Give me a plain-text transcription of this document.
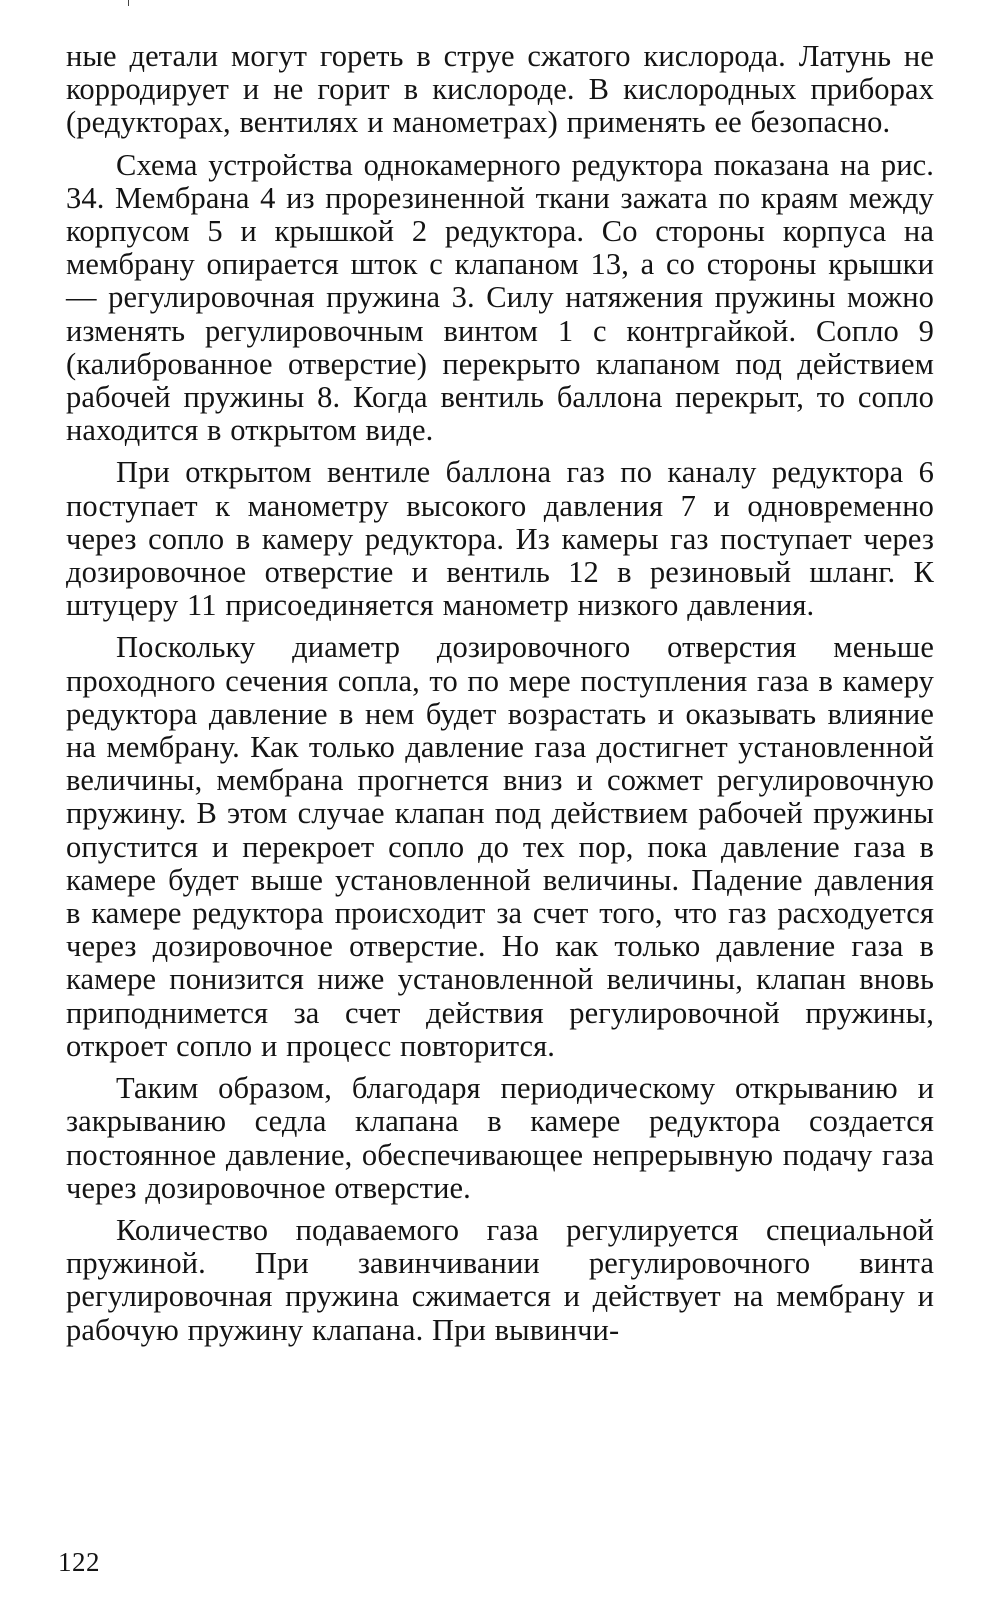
ные детали могут гореть в струе сжатого кислорода. Латунь не корродирует и не горит в кислороде. В кислородных приборах (редукторах, вентилях и манометрах) применять ее безопасно.

Схема устройства однокамерного редуктора показана на рис. 34. Мембрана 4 из прорезиненной ткани зажата по краям между корпусом 5 и крышкой 2 редуктора. Со стороны корпуса на мембрану опирается шток с клапаном 13, а со стороны крышки — регулировочная пружина 3. Силу натяжения пружины можно изменять регулировочным винтом 1 с контргайкой. Сопло 9 (калиброванное отверстие) перекрыто клапаном под действием рабочей пружины 8. Когда вентиль баллона перекрыт, то сопло находится в открытом виде.

При открытом вентиле баллона газ по каналу редуктора 6 поступает к манометру высокого давления 7 и одновременно через сопло в камеру редуктора. Из камеры газ поступает через дозировочное отверстие и вентиль 12 в резиновый шланг. К штуцеру 11 присоединяется манометр низкого давления.

Поскольку диаметр дозировочного отверстия меньше проходного сечения сопла, то по мере поступления газа в камеру редуктора давление в нем будет возрастать и оказывать влияние на мембрану. Как только давление газа достигнет установленной величины, мембрана прогнется вниз и сожмет регулировочную пружину. В этом случае клапан под действием рабочей пружины опустится и перекроет сопло до тех пор, пока давление газа в камере будет выше установленной величины. Падение давления в камере редуктора происходит за счет того, что газ расходуется через дозировочное отверстие. Но как только давление газа в камере понизится ниже установленной величины, клапан вновь приподнимется за счет действия регулировочной пружины, откроет сопло и процесс повторится.

Таким образом, благодаря периодическому открыванию и закрыванию седла клапана в камере редуктора создается постоянное давление, обеспечивающее непрерывную подачу газа через дозировочное отверстие.

Количество подаваемого газа регулируется специальной пружиной. При завинчивании регулировочного винта регулировочная пружина сжимается и действует на мембрану и рабочую пружину клапана. При вывинчи-

122
